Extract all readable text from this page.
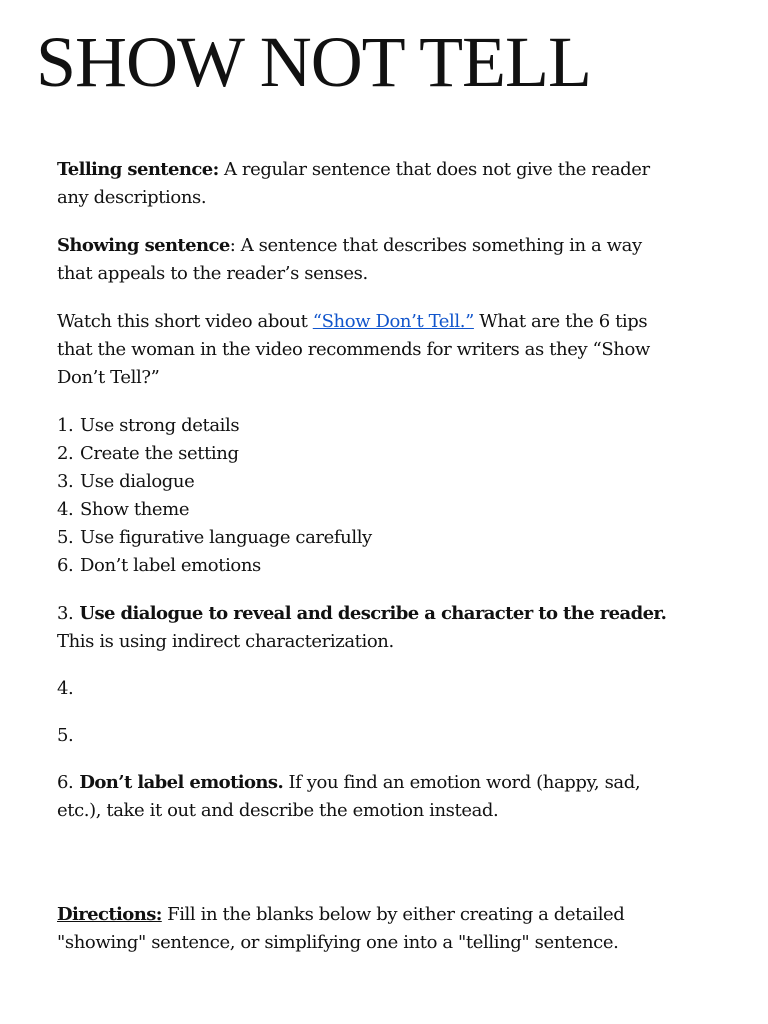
SHOW NOT TELL

Telling sentence: A regular sentence that does not give the reader any descriptions.

Showing sentence: A sentence that describes something in a way that appeals to the reader’s senses.

Watch this short video about “Show Don’t Tell.” What are the 6 tips that the woman in the video recommends for writers as they “Show Don’t Tell?”

1. Use strong details
2. Create the setting
3. Use dialogue
4. Show theme
5. Use figurative language carefully
6. Don’t label emotions

3. Use dialogue to reveal and describe a character to the reader. This is using indirect characterization.

4.

5.

6. Don’t label emotions. If you find an emotion word (happy, sad, etc.), take it out and describe the emotion instead.

Directions: Fill in the blanks below by either creating a detailed "showing" sentence, or simplifying one into a "telling" sentence.
